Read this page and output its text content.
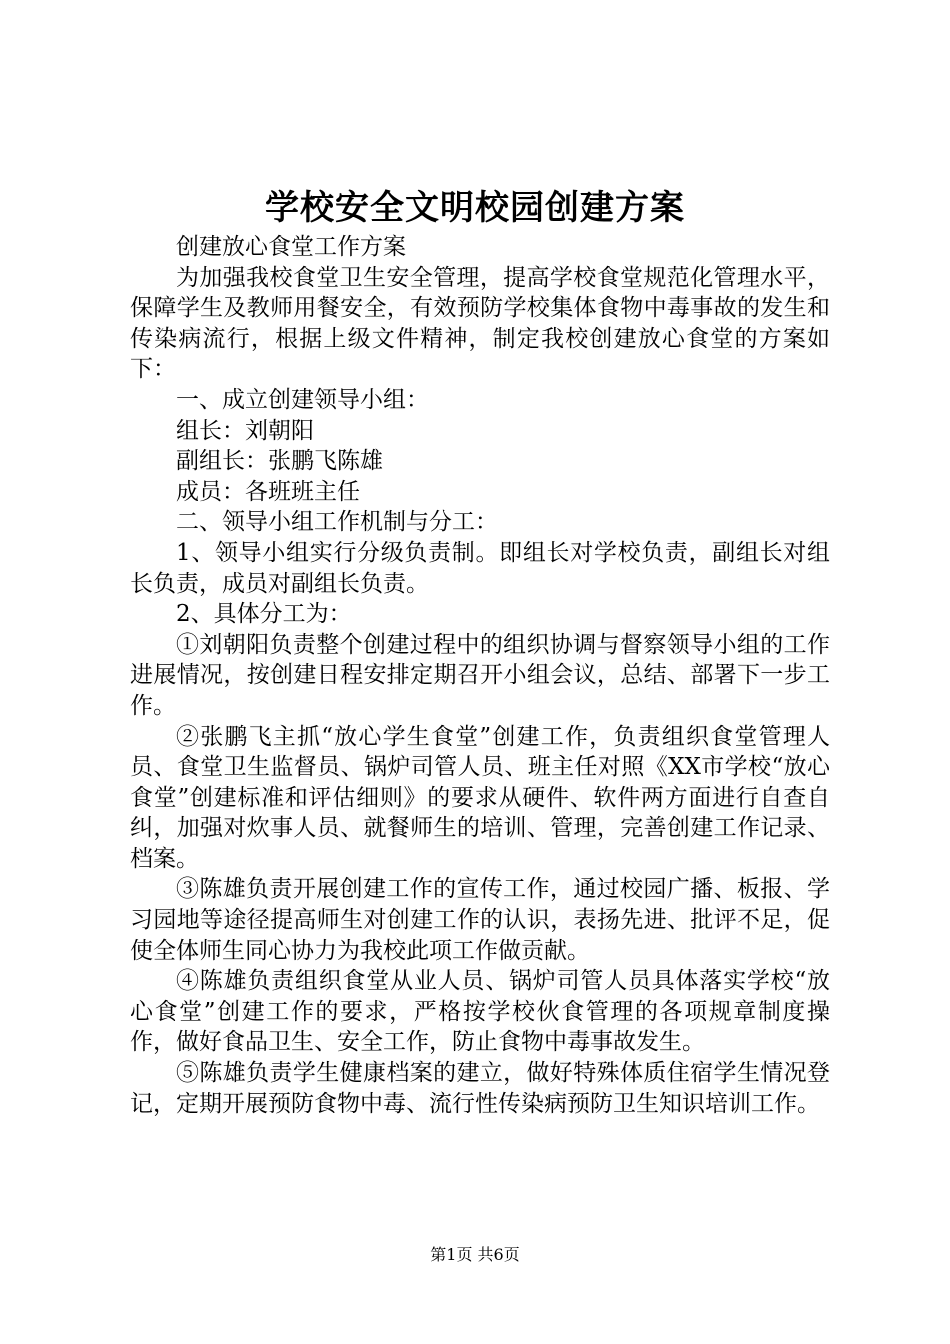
学校安全文明校园创建方案

创建放心食堂工作方案

为加强我校食堂卫生安全管理，提高学校食堂规范化管理水平，保障学生及教师用餐安全，有效预防学校集体食物中毒事故的发生和传染病流行，根据上级文件精神，制定我校创建放心食堂的方案如下：

一、成立创建领导小组：

组长：刘朝阳

副组长：张鹏飞陈雄

成员：各班班主任

二、领导小组工作机制与分工：

1、领导小组实行分级负责制。即组长对学校负责，副组长对组长负责，成员对副组长负责。

2、具体分工为：

①刘朝阳负责整个创建过程中的组织协调与督察领导小组的工作进展情况，按创建日程安排定期召开小组会议，总结、部署下一步工作。

②张鹏飞主抓“放心学生食堂”创建工作，负责组织食堂管理人员、食堂卫生监督员、锅炉司管人员、班主任对照《XX市学校“放心食堂”创建标准和评估细则》的要求从硬件、软件两方面进行自查自纠，加强对炊事人员、就餐师生的培训、管理，完善创建工作记录、档案。

③陈雄负责开展创建工作的宣传工作，通过校园广播、板报、学习园地等途径提高师生对创建工作的认识，表扬先进、批评不足，促使全体师生同心协力为我校此项工作做贡献。

④陈雄负责组织食堂从业人员、锅炉司管人员具体落实学校“放心食堂”创建工作的要求，严格按学校伙食管理的各项规章制度操作，做好食品卫生、安全工作，防止食物中毒事故发生。

⑤陈雄负责学生健康档案的建立，做好特殊体质住宿学生情况登记，定期开展预防食物中毒、流行性传染病预防卫生知识培训工作。

第1页 共6页
